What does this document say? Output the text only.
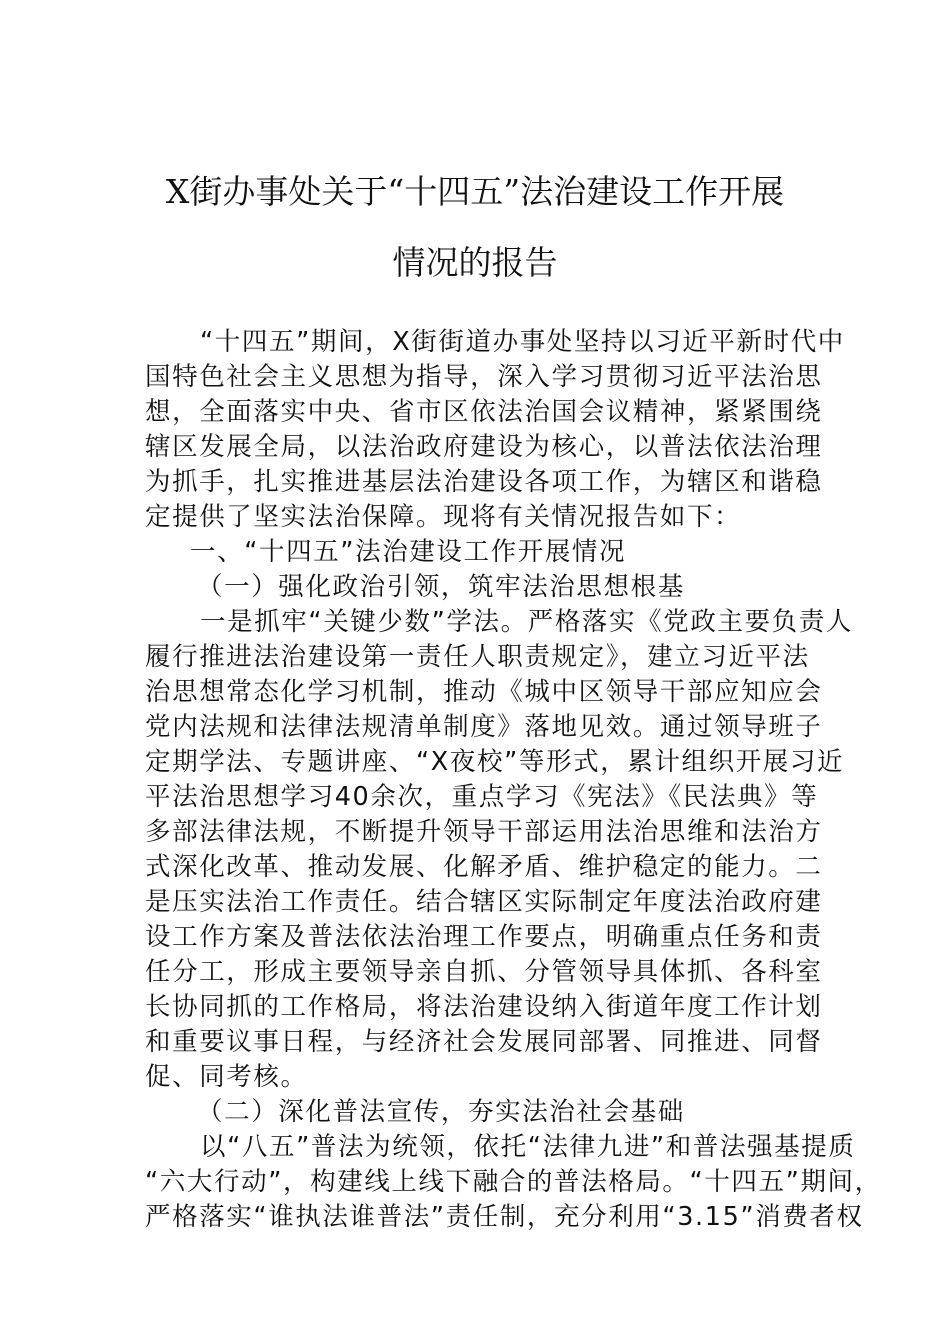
X街办事处关于“十四五”法治建设工作开展
情况的报告
“十四五”期间，X街街道办事处坚持以习近平新时代中
国特色社会主义思想为指导，深入学习贯彻习近平法治思
想，全面落实中央、省市区依法治国会议精神，紧紧围绕
辖区发展全局，以法治政府建设为核心，以普法依法治理
为抓手，扎实推进基层法治建设各项工作，为辖区和谐稳
定提供了坚实法治保障。现将有关情况报告如下：
一、“十四五”法治建设工作开展情况
（一）强化政治引领，筑牢法治思想根基
一是抓牢“关键少数”学法。严格落实《党政主要负责人
履行推进法治建设第一责任人职责规定》，建立习近平法
治思想常态化学习机制，推动《城中区领导干部应知应会
党内法规和法律法规清单制度》落地见效。通过领导班子
定期学法、专题讲座、“X夜校”等形式，累计组织开展习近
平法治思想学习40余次，重点学习《宪法》《民法典》等
多部法律法规，不断提升领导干部运用法治思维和法治方
式深化改革、推动发展、化解矛盾、维护稳定的能力。二
是压实法治工作责任。结合辖区实际制定年度法治政府建
设工作方案及普法依法治理工作要点，明确重点任务和责
任分工，形成主要领导亲自抓、分管领导具体抓、各科室
长协同抓的工作格局，将法治建设纳入街道年度工作计划
和重要议事日程，与经济社会发展同部署、同推进、同督
促、同考核。
（二）深化普法宣传，夯实法治社会基础
以“八五”普法为统领，依托“法律九进”和普法强基提质
“六大行动”，构建线上线下融合的普法格局。“十四五”期间，
严格落实“谁执法谁普法”责任制，充分利用“3.15”消费者权
